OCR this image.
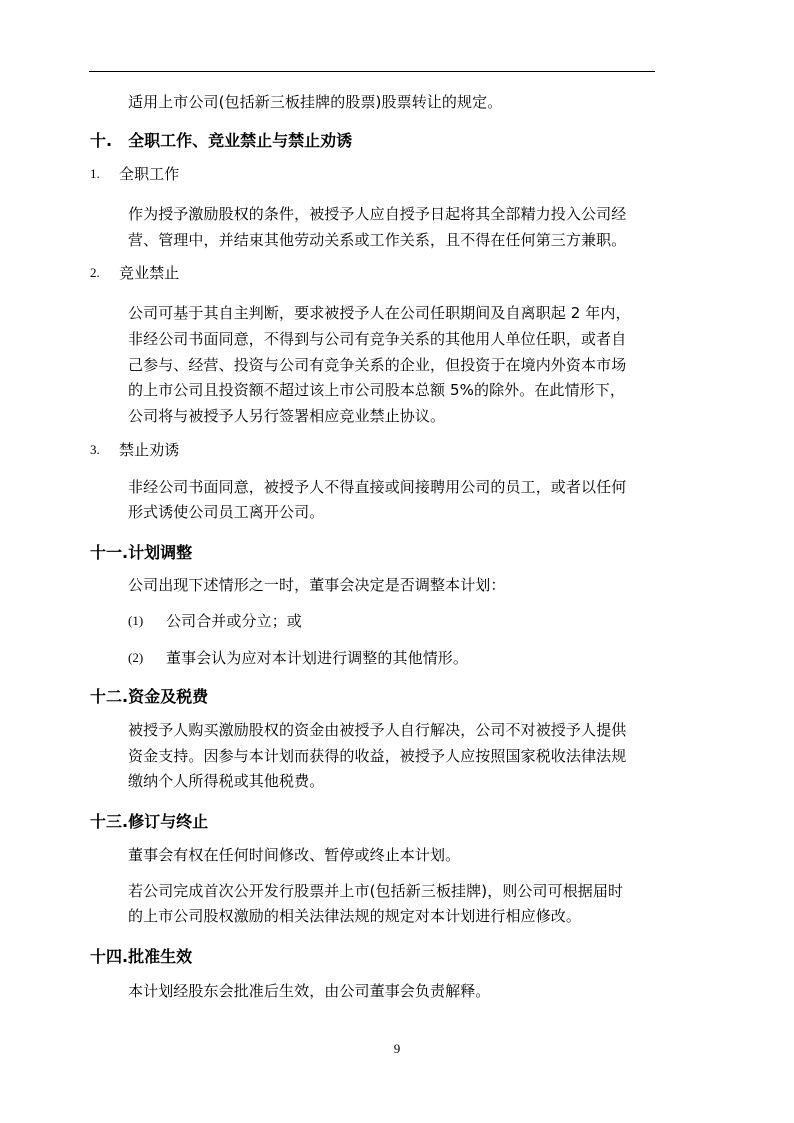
适用上市公司(包括新三板挂牌的股票)股票转让的规定。
十.　全职工作、竞业禁止与禁止劝诱
1. 全职工作
作为授予激励股权的条件，被授予人应自授予日起将其全部精力投入公司经
营、管理中，并结束其他劳动关系或工作关系，且不得在任何第三方兼职。
2. 竞业禁止
公司可基于其自主判断，要求被授予人在公司任职期间及自离职起 2 年内，
非经公司书面同意，不得到与公司有竞争关系的其他用人单位任职，或者自
己参与、经营、投资与公司有竞争关系的企业，但投资于在境内外资本市场
的上市公司且投资额不超过该上市公司股本总额 5%的除外。在此情形下，
公司将与被授予人另行签署相应竞业禁止协议。
3. 禁止劝诱
非经公司书面同意，被授予人不得直接或间接聘用公司的员工，或者以任何
形式诱使公司员工离开公司。
十一.计划调整
公司出现下述情形之一时，董事会决定是否调整本计划：
(1) 公司合并或分立；或
(2) 董事会认为应对本计划进行调整的其他情形。
十二.资金及税费
被授予人购买激励股权的资金由被授予人自行解决，公司不对被授予人提供
资金支持。因参与本计划而获得的收益，被授予人应按照国家税收法律法规
缴纳个人所得税或其他税费。
十三.修订与终止
董事会有权在任何时间修改、暂停或终止本计划。
若公司完成首次公开发行股票并上市(包括新三板挂牌)，则公司可根据届时
的上市公司股权激励的相关法律法规的规定对本计划进行相应修改。
十四.批准生效
本计划经股东会批准后生效，由公司董事会负责解释。
9
